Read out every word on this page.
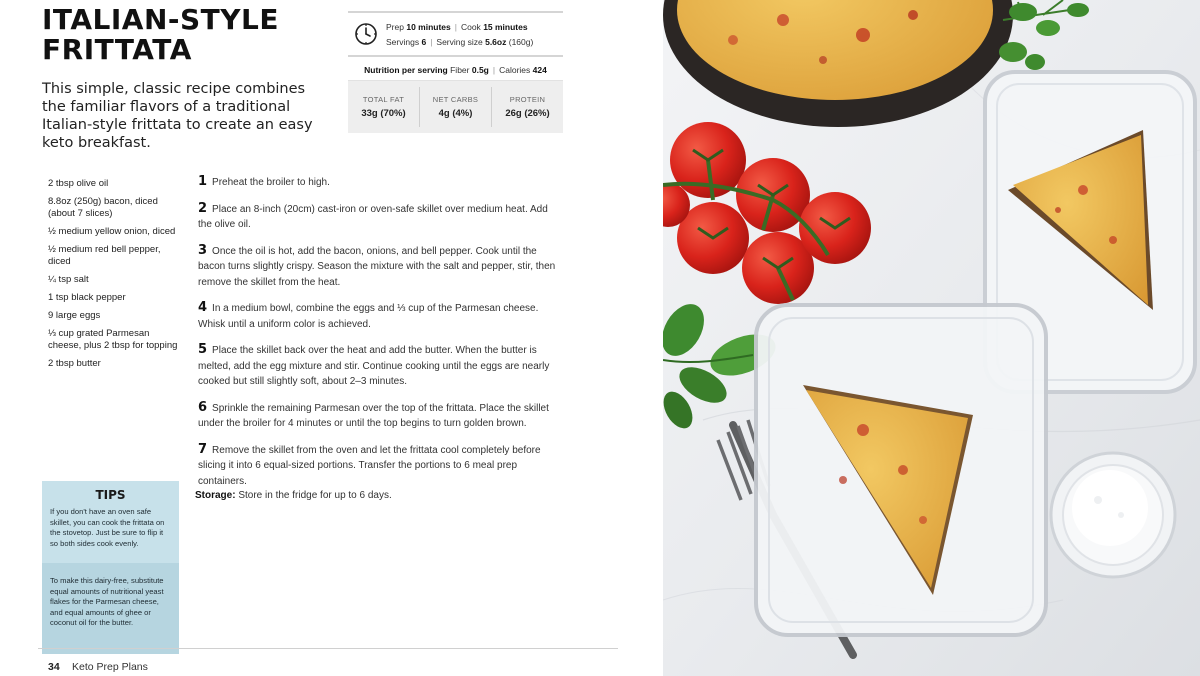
ITALIAN-STYLE FRITTATA

This simple, classic recipe combines the familiar flavors of a traditional Italian-style frittata to create an easy keto breakfast.

Prep 10 minutes | Cook 15 minutes
Servings 6 | Serving size 5.6oz (160g)
Nutrition per serving Fiber 0.5g | Calories 424
TOTAL FAT
33g (70%)
NET CARBS
4g (4%)
PROTEIN
26g (26%)
2 tbsp olive oil
8.8oz (250g) bacon, diced (about 7 slices)
½ medium yellow onion, diced
½ medium red bell pepper, diced
¼ tsp salt
1 tsp black pepper
9 large eggs
⅓ cup grated Parmesan cheese, plus 2 tbsp for topping
2 tbsp butter
1 Preheat the broiler to high.
2 Place an 8-inch (20cm) cast-iron or oven-safe skillet over medium heat. Add the olive oil.
3 Once the oil is hot, add the bacon, onions, and bell pepper. Cook until the bacon turns slightly crispy. Season the mixture with the salt and pepper, stir, then remove the skillet from the heat.
4 In a medium bowl, combine the eggs and ⅓ cup of the Parmesan cheese. Whisk until a uniform color is achieved.
5 Place the skillet back over the heat and add the butter. When the butter is melted, add the egg mixture and stir. Continue cooking until the eggs are nearly cooked but still slightly soft, about 2–3 minutes.
6 Sprinkle the remaining Parmesan over the top of the frittata. Place the skillet under the broiler for 4 minutes or until the top begins to turn golden brown.
7 Remove the skillet from the oven and let the frittata cool completely before slicing it into 6 equal-sized portions. Transfer the portions to 6 meal prep containers.
Storage: Store in the fridge for up to 6 days.
TIPS
If you don't have an oven safe skillet, you can cook the frittata on the stovetop. Just be sure to flip it so both sides cook evenly.
To make this dairy-free, substitute equal amounts of nutritional yeast flakes for the Parmesan cheese, and equal amounts of ghee or coconut oil for the butter.
34 Keto Prep Plans
